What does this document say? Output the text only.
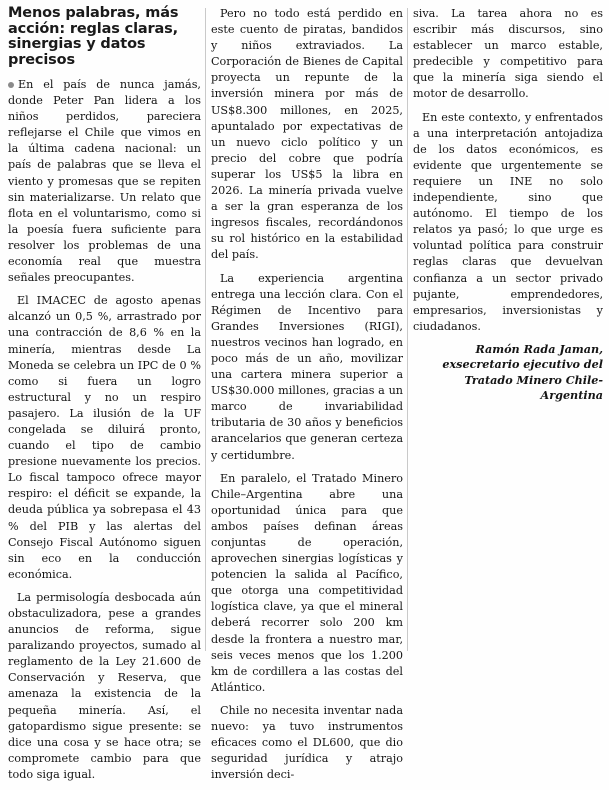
Menos palabras, más acción: reglas claras, sinergias y datos precisos

En el país de nunca jamás, donde Peter Pan lidera a los niños perdidos, pareciera reflejarse el Chile que vimos en la última cadena nacional: un país de palabras que se lleva el viento y promesas que se repiten sin materializarse. Un relato que flota en el voluntarismo, como si la poesía fuera suficiente para resolver los problemas de una economía real que muestra señales preocupantes.

El IMACEC de agosto apenas alcanzó un 0,5 %, arrastrado por una contracción de 8,6 % en la minería, mientras desde La Moneda se celebra un IPC de 0 % como si fuera un logro estructural y no un respiro pasajero. La ilusión de la UF congelada se diluirá pronto, cuando el tipo de cambio presione nuevamente los precios. Lo fiscal tampoco ofrece mayor respiro: el déficit se expande, la deuda pública ya sobrepasa el 43 % del PIB y las alertas del Consejo Fiscal Autónomo siguen sin eco en la conducción económica.

La permisología desbocada aún obstaculizadora, pese a grandes anuncios de reforma, sigue paralizando proyectos, sumado al reglamento de la Ley 21.600 de Conservación y Reserva, que amenaza la existencia de la pequeña minería. Así, el gatopardismo sigue presente: se dice una cosa y se hace otra; se compromete cambio para que todo siga igual.

Pero no todo está perdido en este cuento de piratas, bandidos y niños extraviados. La Corporación de Bienes de Capital proyecta un repunte de la inversión minera por más de US$8.300 millones, en 2025, apuntalado por expectativas de un nuevo ciclo político y un precio del cobre que podría superar los US$5 la libra en 2026. La minería privada vuelve a ser la gran esperanza de los ingresos fiscales, recordándonos su rol histórico en la estabilidad del país.

La experiencia argentina entrega una lección clara. Con el Régimen de Incentivo para Grandes Inversiones (RIGI), nuestros vecinos han logrado, en poco más de un año, movilizar una cartera minera superior a US$30.000 millones, gracias a un marco de invariabilidad tributaria de 30 años y beneficios arancelarios que generan certeza y certidumbre.

En paralelo, el Tratado Minero Chile–Argentina abre una oportunidad única para que ambos países definan áreas conjuntas de operación, aprovechen sinergias logísticas y potencien la salida al Pacífico, que otorga una competitividad logística clave, ya que el mineral deberá recorrer solo 200 km desde la frontera a nuestro mar, seis veces menos que los 1.200 km de cordillera a las costas del Atlántico.

Chile no necesita inventar nada nuevo: ya tuvo instrumentos eficaces como el DL600, que dio seguridad jurídica y atrajo inversión deci-

siva. La tarea ahora no es escribir más discursos, sino establecer un marco estable, predecible y competitivo para que la minería siga siendo el motor de desarrollo.

En este contexto, y enfrentados a una interpretación antojadiza de los datos económicos, es evidente que urgentemente se requiere un INE no solo independiente, sino que autónomo. El tiempo de los relatos ya pasó; lo que urge es voluntad política para construir reglas claras que devuelvan confianza a un sector privado pujante, emprendedores, empresarios, inversionistas y ciudadanos.

Ramón Rada Jaman, exsecretario ejecutivo del Tratado Minero Chile-Argentina
